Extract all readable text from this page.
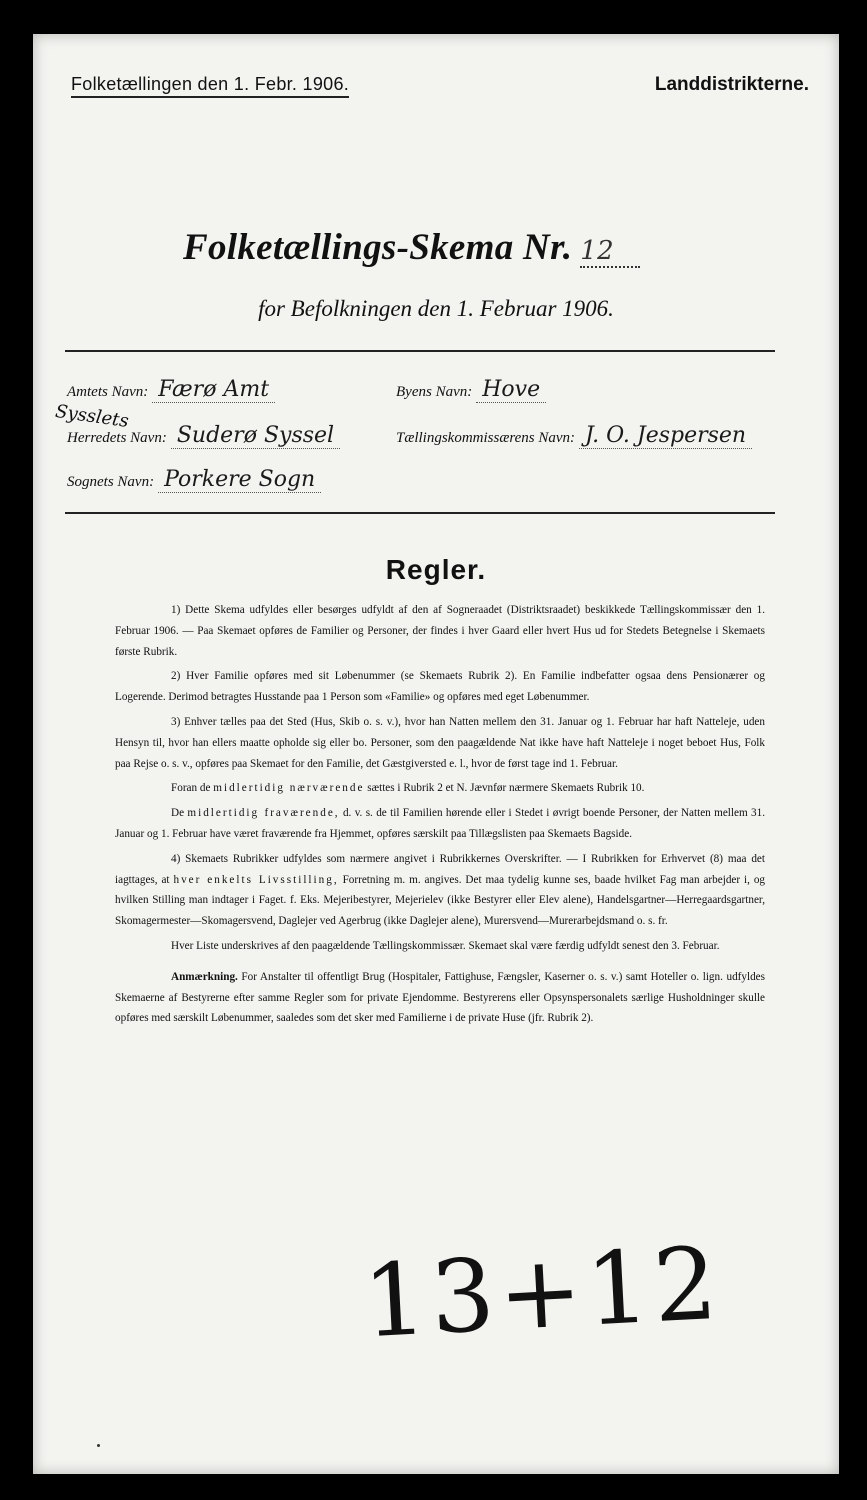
Folketællingen den 1. Febr. 1906.	Landdistrikterne.
Folketællings-Skema Nr. 12
for Befolkningen den 1. Februar 1906.
Amtets Navn: Færø Amt	Byens Navn: Hove
Sysslets
Herredets Navn: Suderø Syssel	Tællingskommissærens Navn: J. O. Jespersen
Sognets Navn: Porkere Sogn
Regler.

1) Dette Skema udfyldes eller besørges udfyldt af den af Sogneraadet (Distriktsraadet) beskikkede Tællingskommissær den 1. Februar 1906. — Paa Skemaet opføres de Familier og Personer, der findes i hver Gaard eller hvert Hus ud for Stedets Betegnelse i Skemaets første Rubrik.

2) Hver Familie opføres med sit Løbenummer (se Skemaets Rubrik 2). En Familie indbefatter ogsaa dens Pensionærer og Logerende. Derimod betragtes Husstande paa 1 Person som «Familie» og opføres med eget Løbenummer.

3) Enhver tælles paa det Sted (Hus, Skib o. s. v.), hvor han Natten mellem den 31. Januar og 1. Februar har haft Natteleje, uden Hensyn til, hvor han ellers maatte opholde sig eller bo. Personer, som den paagældende Nat ikke have haft Natteleje i noget beboet Hus, Folk paa Rejse o. s. v., opføres paa Skemaet for den Familie, det Gæstgiversted e. l., hvor de først tage ind 1. Februar.

Foran de midlertidig nærværende sættes i Rubrik 2 et N. Jævnfør nærmere Skemaets Rubrik 10.

De midlertidig fraværende, d. v. s. de til Familien hørende eller i Stedet i øvrigt boende Personer, der Natten mellem 31. Januar og 1. Februar have været fraværende fra Hjemmet, opføres særskilt paa Tillægslisten paa Skemaets Bagside.

4) Skemaets Rubrikker udfyldes som nærmere angivet i Rubrikkernes Overskrifter. — I Rubrikken for Erhvervet (8) maa det iagttages, at hver enkelts Livsstilling, Forretning m. m. angives. Det maa tydelig kunne ses, baade hvilket Fag man arbejder i, og hvilken Stilling man indtager i Faget. f. Eks. Mejeribestyrer, Mejerielev (ikke Bestyrer eller Elev alene), Handelsgartner—Herregaardsgartner, Skomagermester—Skomagersvend, Daglejer ved Agerbrug (ikke Daglejer alene), Murersvend—Murerarbejdsmand o. s. fr.

Hver Liste underskrives af den paagældende Tællingskommissær. Skemaet skal være færdig udfyldt senest den 3. Februar.

Anmærkning. For Anstalter til offentligt Brug (Hospitaler, Fattighuse, Fængsler, Kaserner o. s. v.) samt Hoteller o. lign. udfyldes Skemaerne af Bestyrerne efter samme Regler som for private Ejendomme. Bestyrerens eller Opsynspersonalets særlige Husholdninger skulle opføres med særskilt Løbenummer, saaledes som det sker med Familierne i de private Huse (jfr. Rubrik 2).

13+12
